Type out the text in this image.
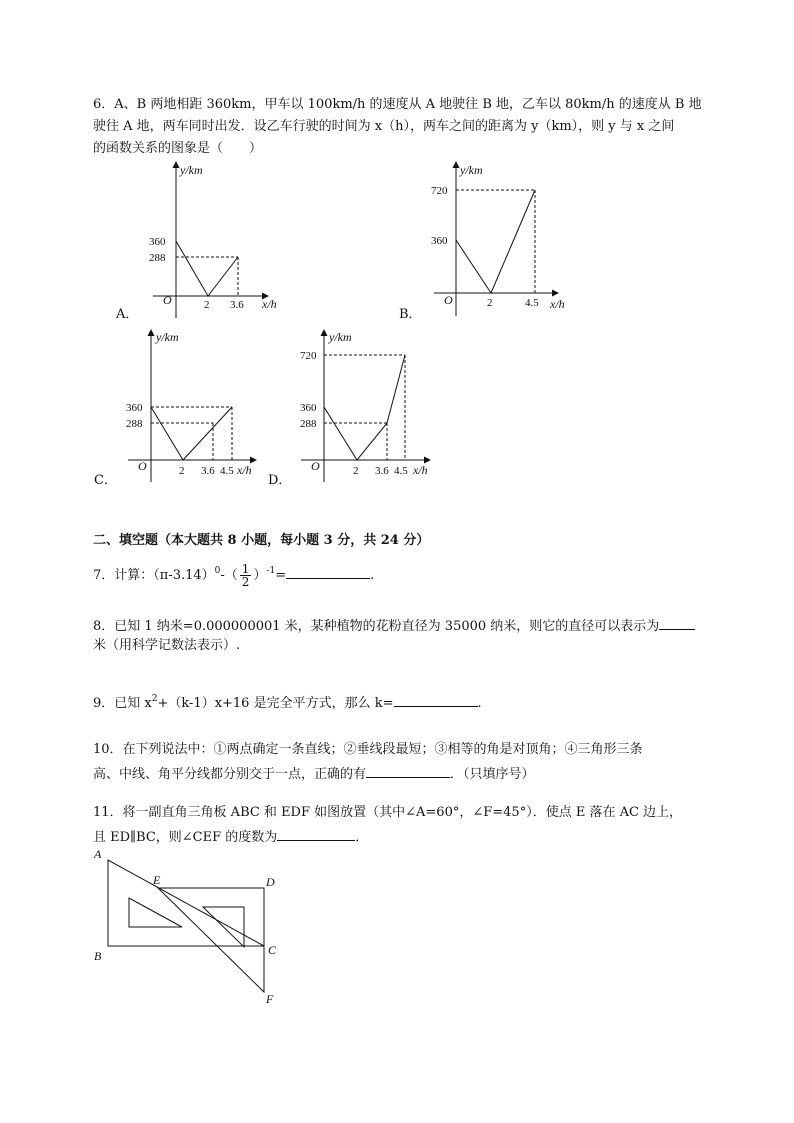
6．A、B 两地相距 360km，甲车以 100km/h 的速度从 A 地驶往 B 地，乙车以 80km/h 的速度从 B 地
驶往 A 地，两车同时出发．设乙车行驶的时间为 x（h），两车之间的距离为 y（km），则 y 与 x 之间
的函数关系的图象是（　　）
y/km
x/h
O
360
288
2 3.6
y/km
x/h
O
720
360
2	4.5
y/km
x/h
O
360
288
2 3.6 4.5
y/km
x/h
O
720
360
288
2 3.6 4.5
A
E	D
B	C
F
A．	B．
C．	D．
二、填空题（本大题共 8 小题，每小题 3 分，共 24 分）
7．计算：$(\pi-3.14)^0-( \frac{1}{2} )^{-1}=$	.
8．已知 1 纳米=0.000000001 米，某种植物的花粉直径为 35000 纳米，则它的直径可以表示为
米（用科学记数法表示）.
9．已知 $x^2+(k-1)x+16$ 是完全平方式，那么 k=	.
10．在下列说法中：①两点确定一条直线；②垂线段最短；③相等的角是对顶角；④三角形三条
高、中线、角平分线都分别交于一点，正确的有	．（只填序号）
11．将一副直角三角板 ABC 和 EDF 如图放置（其中∠A=60°，∠F=45°）．使点 E 落在 AC 边上，
且 ED∥BC，则∠CEF 的度数为	．
